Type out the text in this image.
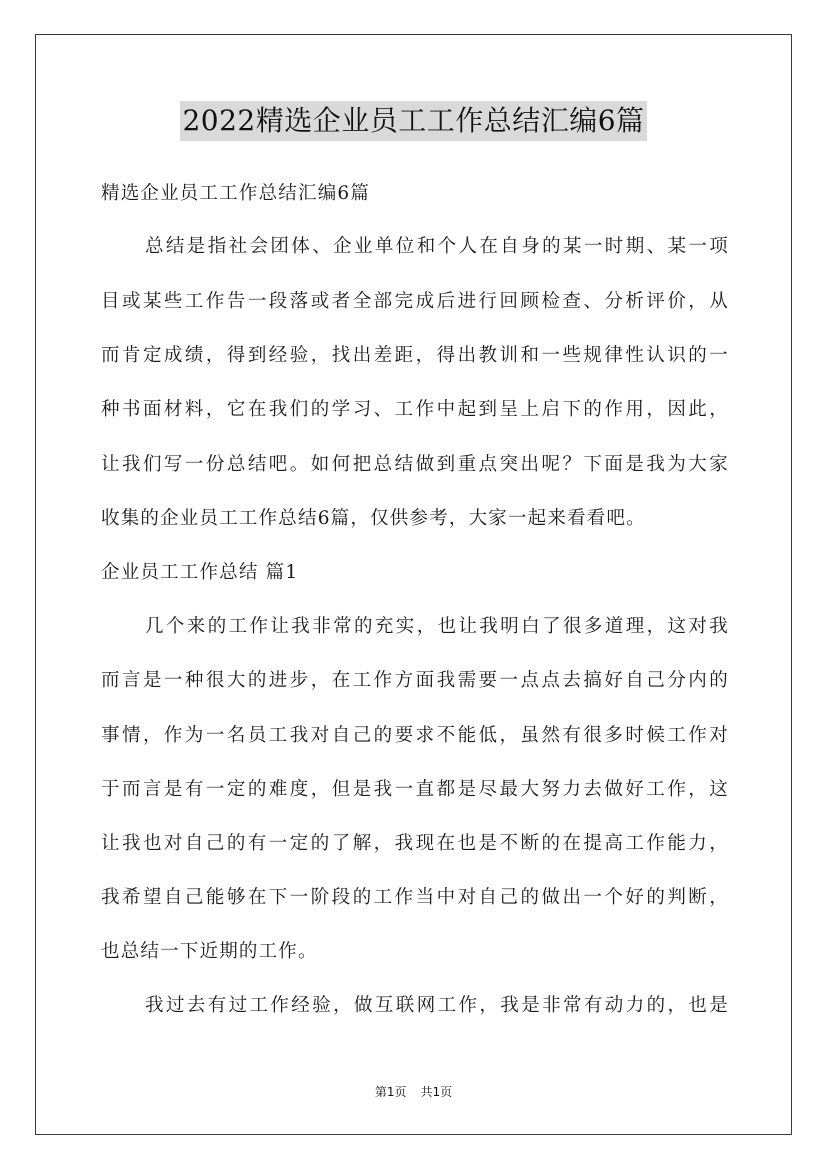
2022精选企业员工工作总结汇编6篇
精选企业员工工作总结汇编6篇
总结是指社会团体、企业单位和个人在自身的某一时期、某一项
目或某些工作告一段落或者全部完成后进行回顾检查、分析评价，从
而肯定成绩，得到经验，找出差距，得出教训和一些规律性认识的一
种书面材料，它在我们的学习、工作中起到呈上启下的作用，因此，
让我们写一份总结吧。如何把总结做到重点突出呢？下面是我为大家
收集的企业员工工作总结6篇，仅供参考，大家一起来看看吧。
企业员工工作总结 篇1
几个来的工作让我非常的充实，也让我明白了很多道理，这对我
而言是一种很大的进步，在工作方面我需要一点点去搞好自己分内的
事情，作为一名员工我对自己的要求不能低，虽然有很多时候工作对
于而言是有一定的难度，但是我一直都是尽最大努力去做好工作，这
让我也对自己的有一定的了解，我现在也是不断的在提高工作能力，
我希望自己能够在下一阶段的工作当中对自己的做出一个好的判断，
也总结一下近期的工作。
我过去有过工作经验，做互联网工作，我是非常有动力的，也是
第1页 共1页
